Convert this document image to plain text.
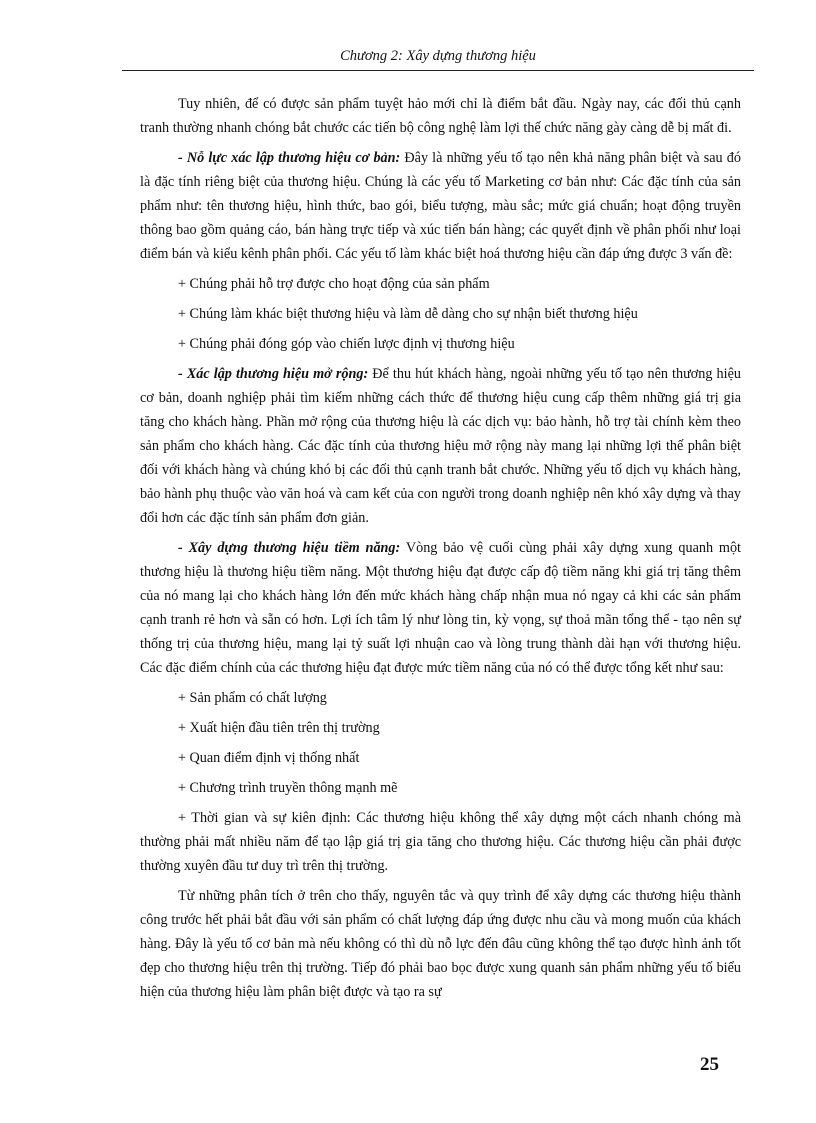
Chương 2: Xây dựng thương hiệu

Tuy nhiên, để có được sản phẩm tuyệt hảo mới chỉ là điểm bắt đầu. Ngày nay, các đối thủ cạnh tranh thường nhanh chóng bắt chước các tiến bộ công nghệ làm lợi thế chức năng gày càng dễ bị mất đi.

- Nỗ lực xác lập thương hiệu cơ bản: Đây là những yếu tố tạo nên khả năng phân biệt và sau đó là đặc tính riêng biệt của thương hiệu. Chúng là các yếu tố Marketing cơ bản như: Các đặc tính của sản phẩm như: tên thương hiệu, hình thức, bao gói, biểu tượng, màu sắc; mức giá chuẩn; hoạt động truyền thông bao gồm quảng cáo, bán hàng trực tiếp và xúc tiến bán hàng; các quyết định về phân phối như loại điểm bán và kiểu kênh phân phối. Các yếu tố làm khác biệt hoá thương hiệu cần đáp ứng được 3 vấn đề:

+ Chúng phải hỗ trợ được cho hoạt động của sản phẩm

+ Chúng làm khác biệt thương hiệu và làm dễ dàng cho sự nhận biết thương hiệu

+ Chúng phải đóng góp vào chiến lược định vị thương hiệu

- Xác lập thương hiệu mở rộng: Để thu hút khách hàng, ngoài những yếu tố tạo nên thương hiệu cơ bản, doanh nghiệp phải tìm kiếm những cách thức để thương hiệu cung cấp thêm những giá trị gia tăng cho khách hàng. Phần mở rộng của thương hiệu là các dịch vụ: bảo hành, hỗ trợ tài chính kèm theo sản phẩm cho khách hàng. Các đặc tính của thương hiệu mở rộng này mang lại những lợi thế phân biệt đối với khách hàng và chúng khó bị các đối thủ cạnh tranh bắt chước. Những yếu tố dịch vụ khách hàng, bảo hành phụ thuộc vào văn hoá và cam kết của con người trong doanh nghiệp nên khó xây dựng và thay đổi hơn các đặc tính sản phẩm đơn giản.

- Xây dựng thương hiệu tiềm năng: Vòng bảo vệ cuối cùng phải xây dựng xung quanh một thương hiệu là thương hiệu tiềm năng. Một thương hiệu đạt được cấp độ tiềm năng khi giá trị tăng thêm của nó mang lại cho khách hàng lớn đến mức khách hàng chấp nhận mua nó ngay cả khi các sản phẩm cạnh tranh rẻ hơn và sẵn có hơn. Lợi ích tâm lý như lòng tin, kỳ vọng, sự thoả mãn tổng thể - tạo nên sự thống trị của thương hiệu, mang lại tỷ suất lợi nhuận cao và lòng trung thành dài hạn với thương hiệu. Các đặc điểm chính của các thương hiệu đạt được mức tiềm năng của nó có thể được tổng kết như sau:

+ Sản phẩm có chất lượng

+ Xuất hiện đầu tiên trên thị trường

+ Quan điểm định vị thống nhất

+ Chương trình truyền thông mạnh mẽ

+ Thời gian và sự kiên định: Các thương hiệu không thể xây dựng một cách nhanh chóng mà thường phải mất nhiều năm để tạo lập giá trị gia tăng cho thương hiệu. Các thương hiệu cần phải được thường xuyên đầu tư duy trì trên thị trường.

Từ những phân tích ở trên cho thấy, nguyên tắc và quy trình để xây dựng các thương hiệu thành công trước hết phải bắt đầu với sản phẩm có chất lượng đáp ứng được nhu cầu và mong muốn của khách hàng. Đây là yếu tố cơ bản mà nếu không có thì dù nỗ lực đến đâu cũng không thể tạo được hình ảnh tốt đẹp cho thương hiệu trên thị trường. Tiếp đó phải bao bọc được xung quanh sản phẩm những yếu tố biểu hiện của thương hiệu làm phân biệt được và tạo ra sự

25
